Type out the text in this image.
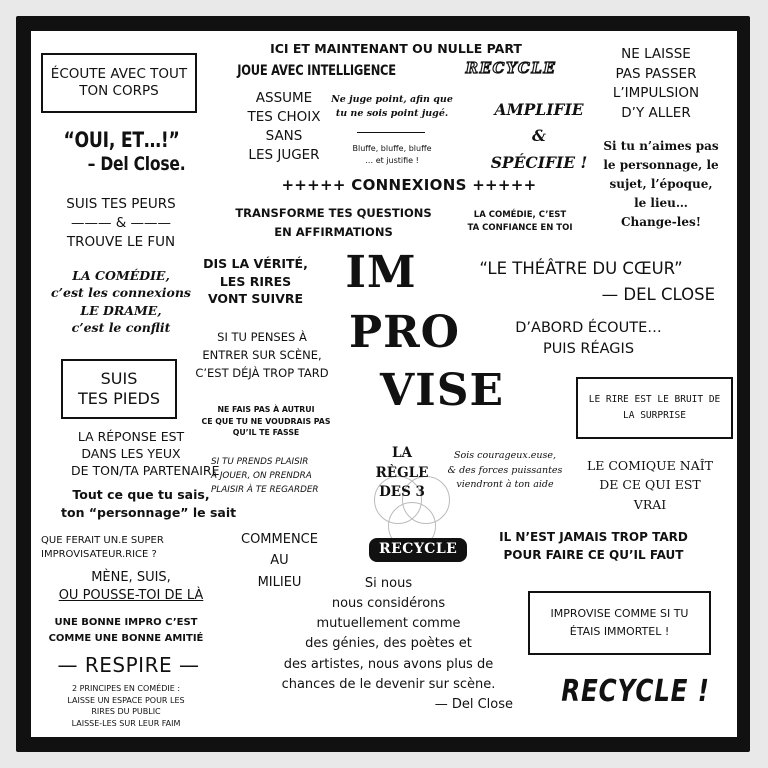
ÉCOUTE AVEC TOUT
TON CORPS
“OUI, ET…!”
– Del Close.
SUIS TES PEURS
——— & ———
TROUVE LE FUN
LA COMÉDIE,
c’est les connexions
LE DRAME,
c’est le conflit
SUIS
TES PIEDS
LA RÉPONSE EST
DANS LES YEUX
DE TON/TA PARTENAIRE
Tout ce que tu sais,
ton “personnage” le sait
QUE FERAIT UN.E SUPER
IMPROVISATEUR.RICE ?
MÈNE, SUIS,
OU POUSSE-TOI DE LÀ
UNE BONNE IMPRO C’EST
COMME UNE BONNE AMITIÉ
— RESPIRE —
2 PRINCIPES EN COMÉDIE :
LAISSE UN ESPACE POUR LES
RIRES DU PUBLIC
LAISSE-LES SUR LEUR FAIM
ICI ET MAINTENANT OU NULLE PART
JOUE AVEC INTELLIGENCE	RECYCLE
ASSUME
TES CHOIX
SANS
LES JUGER
Ne juge point, afin que
tu ne sois point jugé.
Bluffe, bluffe, bluffe
… et justifie !
AMPLIFIE
&
SPÉCIFIE !
+++++ CONNEXIONS +++++
TRANSFORME TES QUESTIONS
EN AFFIRMATIONS
LA COMÉDIE, C’EST
TA CONFIANCE EN TOI
NE LAISSE
PAS PASSER
L’IMPULSION
D’Y ALLER
Si tu n’aimes pas
le personnage, le
sujet, l’époque,
le lieu…
Change-les!
DIS LA VÉRITÉ,
LES RIRES
VONT SUIVRE
IM
PRO
VISE
“LE THÉÂTRE DU CŒUR”
— DEL CLOSE
D’ABORD ÉCOUTE…
PUIS RÉAGIS
SI TU PENSES À
ENTRER SUR SCÈNE,
C’EST DÉJÀ TROP TARD
LE RIRE EST LE BRUIT DE
LA SURPRISE
NE FAIS PAS À AUTRUI
CE QUE TU NE VOUDRAIS PAS
QU’IL TE FASSE
LA
RÈGLE
DES 3
Sois courageux.euse,
& des forces puissantes
viendront à ton aide
LE COMIQUE NAÎT
DE CE QUI EST
VRAI
SI TU PRENDS PLAISIR
À JOUER, ON PRENDRA
PLAISIR À TE REGARDER
COMMENCE
AU
MILIEU
RECYCLE
IL N’EST JAMAIS TROP TARD
POUR FAIRE CE QU’IL FAUT
Si nous
nous considérons
mutuellement comme
des génies, des poètes et
des artistes, nous avons plus de
chances de le devenir sur scène.
— Del Close
IMPROVISE COMME SI TU
ÉTAIS IMMORTEL !
RECYCLE !
